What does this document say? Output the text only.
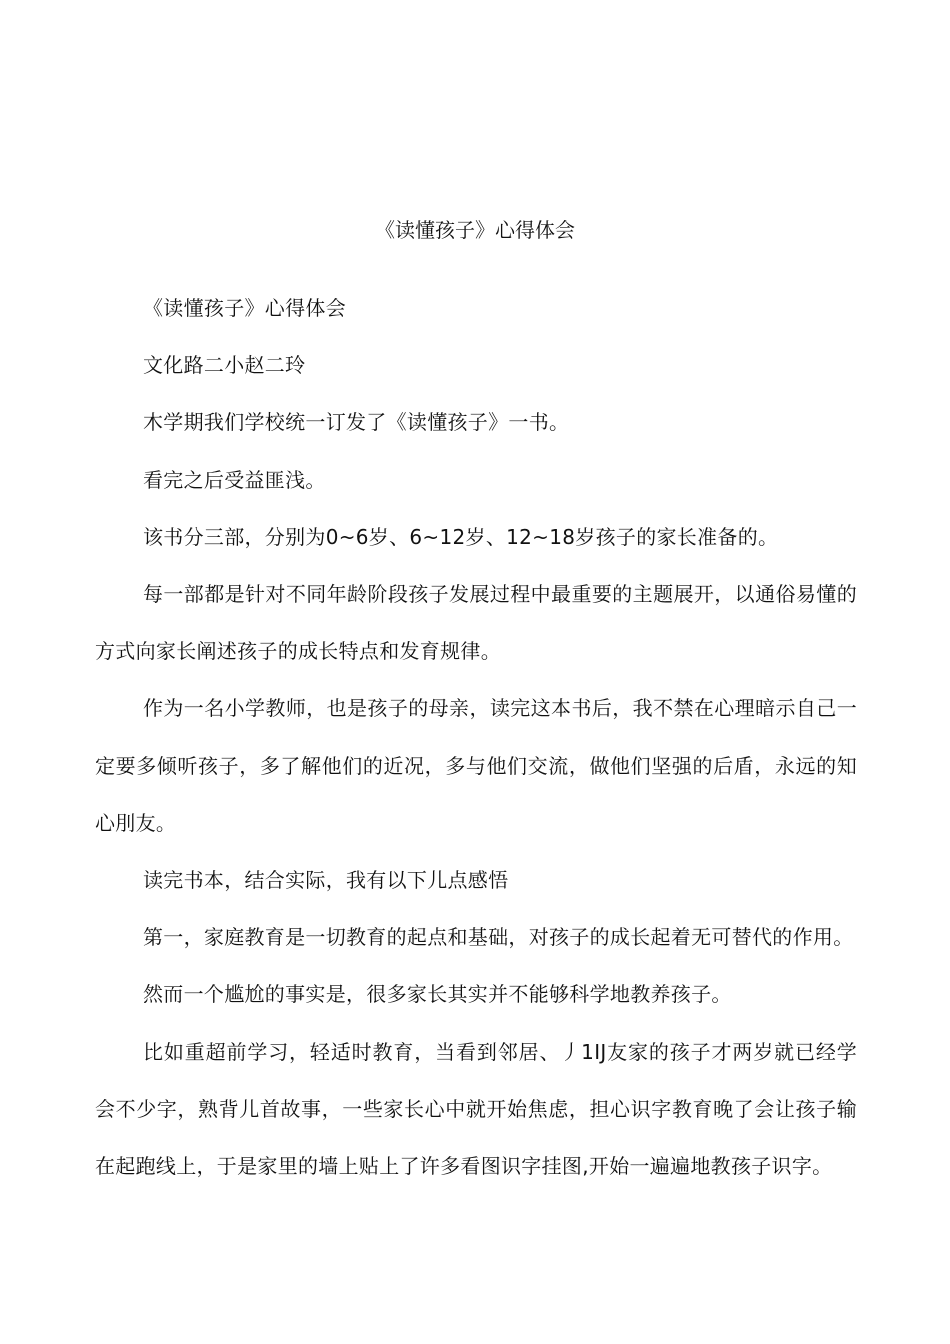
《读懂孩子》心得体会

《读懂孩子》心得体会

文化路二小赵二玲

木学期我们学校统一订发了《读懂孩子》一书。

看完之后受益匪浅。

该书分三部，分别为0~6岁、6~12岁、12~18岁孩子的家长准备的。

每一部都是针对不同年龄阶段孩子发展过程中最重要的主题展开，以通俗易懂的方式向家长阐述孩子的成长特点和发育规律。

作为一名小学教师，也是孩子的母亲，读完这本书后，我不禁在心理暗示自己一定要多倾听孩子，多了解他们的近况，多与他们交流，做他们坚强的后盾，永远的知心刖友。

读完书本，结合实际，我有以下儿点感悟

第一，家庭教育是一切教育的起点和基础，对孩子的成长起着无可替代的作用。

然而一个尴尬的事实是，很多家长其实并不能够科学地教养孩子。

比如重超前学习，轻适时教育，当看到邻居、丿1IJ友家的孩子才两岁就已经学会不少字，熟背儿首故事，一些家长心中就开始焦虑，担心识字教育晚了会让孩子输在起跑线上，于是家里的墙上贴上了许多看图识字挂图,开始一遍遍地教孩子识字。
